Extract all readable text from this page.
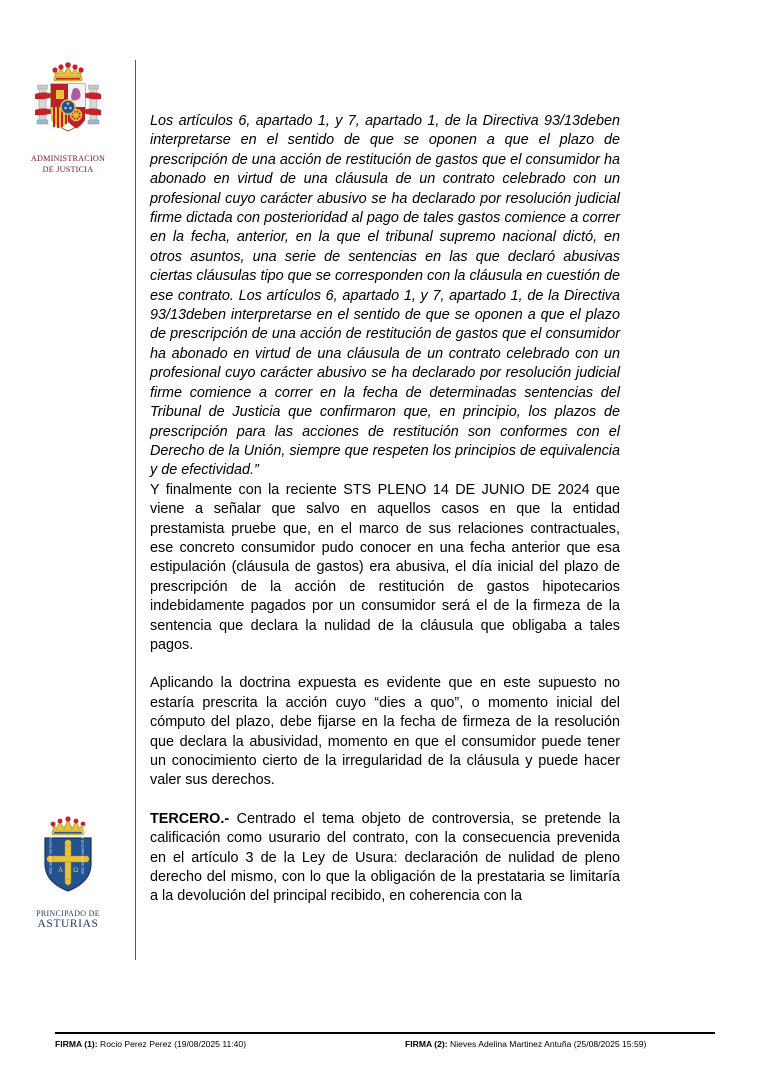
ADMINISTRACION
DE JUSTICIA
A Ω
HOC SIGNO TVETVR PIVS	HOC SIGNO VINCITVR INIMICVS
PRINCIPADO DE
ASTURIAS

Los artículos 6, apartado 1, y 7, apartado 1, de la Directiva 93/13deben interpretarse en el sentido de que se oponen a que el plazo de prescripción de una acción de restitución de gastos que el consumidor ha abonado en virtud de una cláusula de un contrato celebrado con un profesional cuyo carácter abusivo se ha declarado por resolución judicial firme dictada con posterioridad al pago de tales gastos comience a correr en la fecha, anterior, en la que el tribunal supremo nacional dictó, en otros asuntos, una serie de sentencias en las que declaró abusivas ciertas cláusulas tipo que se corresponden con la cláusula en cuestión de ese contrato. Los artículos 6, apartado 1, y 7, apartado 1, de la Directiva 93/13deben interpretarse en el sentido de que se oponen a que el plazo de prescripción de una acción de restitución de gastos que el consumidor ha abonado en virtud de una cláusula de un contrato celebrado con un profesional cuyo carácter abusivo se ha declarado por resolución judicial firme comience a correr en la fecha de determinadas sentencias del Tribunal de Justicia que confirmaron que, en principio, los plazos de prescripción para las acciones de restitución son conformes con el Derecho de la Unión, siempre que respeten los principios de equivalencia y de efectividad.”

Y finalmente con la reciente STS PLENO 14 DE JUNIO DE 2024 que viene a señalar que salvo en aquellos casos en que la entidad prestamista pruebe que, en el marco de sus relaciones contractuales, ese concreto consumidor pudo conocer en una fecha anterior que esa estipulación (cláusula de gastos) era abusiva, el día inicial del plazo de prescripción de la acción de restitución de gastos hipotecarios indebidamente pagados por un consumidor será el de la firmeza de la sentencia que declara la nulidad de la cláusula que obligaba a tales pagos.

Aplicando la doctrina expuesta es evidente que en este supuesto no estaría prescrita la acción cuyo “dies a quo”, o momento inicial del cómputo del plazo, debe fijarse en la fecha de firmeza de la resolución que declara la abusividad, momento en que el consumidor puede tener un conocimiento cierto de la irregularidad de la cláusula y puede hacer valer sus derechos.

TERCERO.- Centrado el tema objeto de controversia, se pretende la calificación como usurario del contrato, con la consecuencia prevenida en el artículo 3 de la Ley de Usura: declaración de nulidad de pleno derecho del mismo, con lo que la obligación de la prestataria se limitaría a la devolución del principal recibido, en coherencia con la

FIRMA (1): Rocio Perez Perez (19/08/2025 11:40)	FIRMA (2): Nieves Adelina Martinez Antuña (25/08/2025 15:59)
